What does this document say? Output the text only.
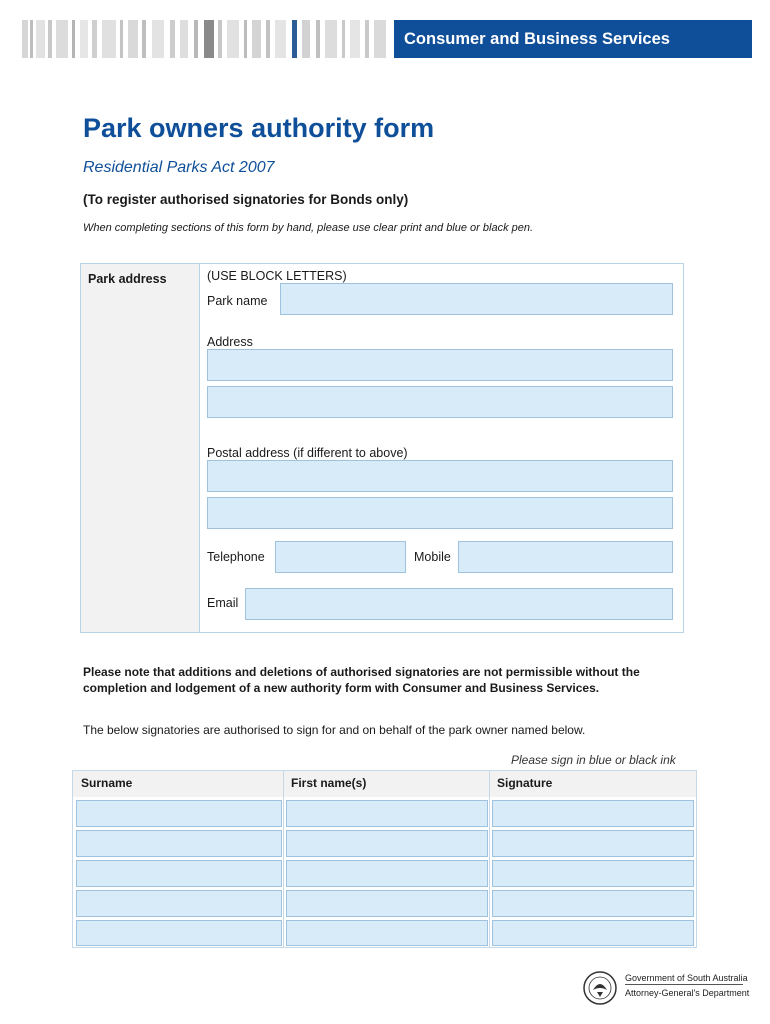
Consumer and Business Services
Park owners authority form
Residential Parks Act 2007
(To register authorised signatories for Bonds only)
When completing sections of this form by hand, please use clear print and blue or black pen.
Park address	(USE BLOCK LETTERS)
Park name
Address
Postal address (if different to above)
Telephone	Mobile
Email
Please note that additions and deletions of authorised signatories are not permissible without the completion and lodgement of a new authority form with Consumer and Business Services.
The below signatories are authorised to sign for and on behalf of the park owner named below.
Please sign in blue or black ink
Surname	First name(s)	Signature
Government of South Australia
Attorney-General's Department
